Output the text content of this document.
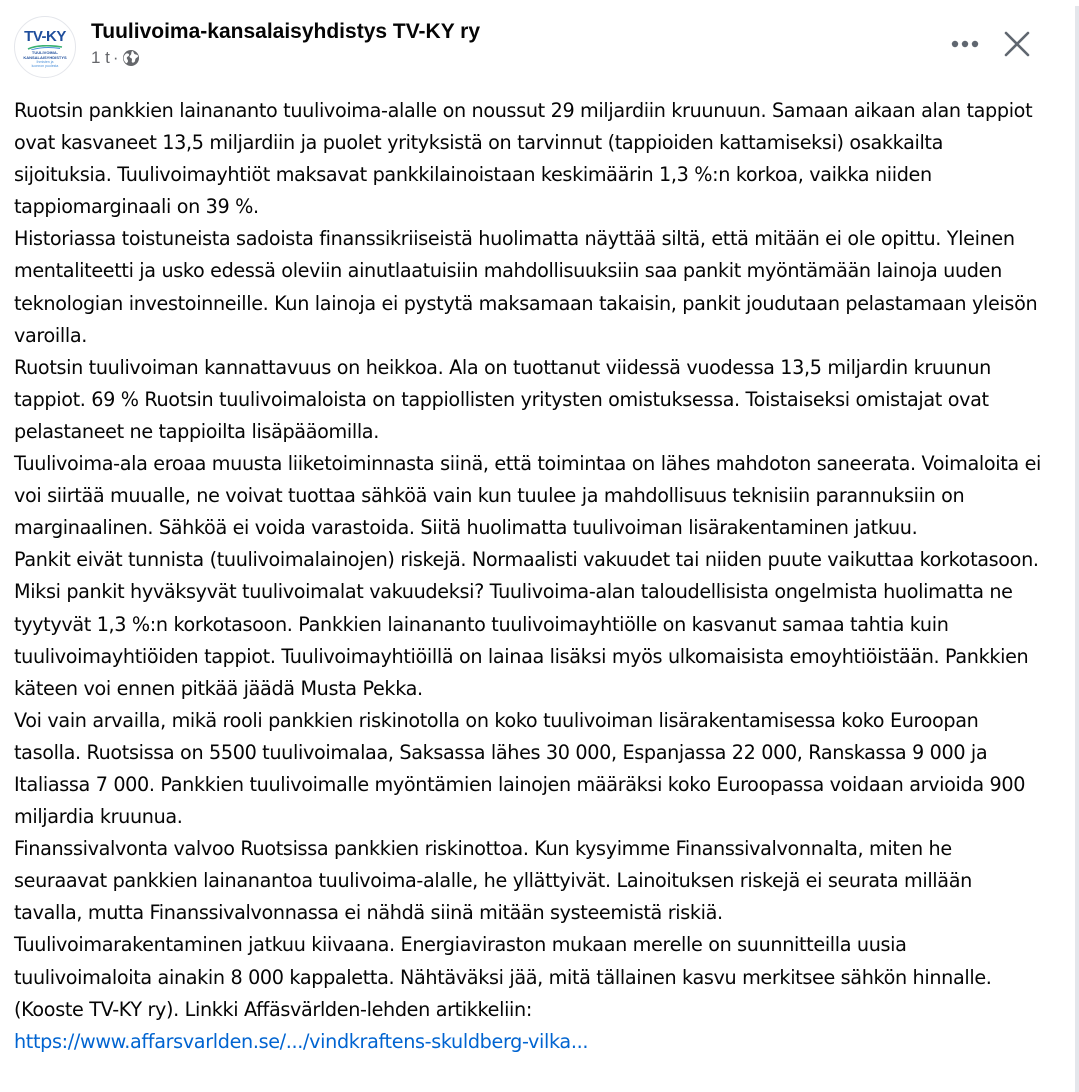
TV-KY
TUULIVOIMA-
KANSALAISYHDISTYS
Ihmisten ja
luonnon puolesta
Tuulivoima-kansalaisyhdistys TV-KY ry
1 t ·

Ruotsin pankkien lainananto tuulivoima-alalle on noussut 29 miljardiin kruunuun. Samaan aikaan alan tappiot ovat kasvaneet 13,5 miljardiin ja puolet yrityksistä on tarvinnut (tappioiden kattamiseksi) osakkailta sijoituksia. Tuulivoimayhtiöt maksavat pankkilainoistaan keskimäärin 1,3 %:n korkoa, vaikka niiden tappiomarginaali on 39 %.

Historiassa toistuneista sadoista finanssikriiseistä huolimatta näyttää siltä, että mitään ei ole opittu. Yleinen mentaliteetti ja usko edessä oleviin ainutlaatuisiin mahdollisuuksiin saa pankit myöntämään lainoja uuden teknologian investoinneille. Kun lainoja ei pystytä maksamaan takaisin, pankit joudutaan pelastamaan yleisön varoilla.

Ruotsin tuulivoiman kannattavuus on heikkoa. Ala on tuottanut viidessä vuodessa 13,5 miljardin kruunun tappiot. 69 % Ruotsin tuulivoimaloista on tappiollisten yritysten omistuksessa. Toistaiseksi omistajat ovat pelastaneet ne tappioilta lisäpääomilla.

Tuulivoima-ala eroaa muusta liiketoiminnasta siinä, että toimintaa on lähes mahdoton saneerata. Voimaloita ei voi siirtää muualle, ne voivat tuottaa sähköä vain kun tuulee ja mahdollisuus teknisiin parannuksiin on marginaalinen. Sähköä ei voida varastoida. Siitä huolimatta tuulivoiman lisärakentaminen jatkuu.

Pankit eivät tunnista (tuulivoimalainojen) riskejä. Normaalisti vakuudet tai niiden puute vaikuttaa korkotasoon. Miksi pankit hyväksyvät tuulivoimalat vakuudeksi? Tuulivoima-alan taloudellisista ongelmista huolimatta ne tyytyvät 1,3 %:n korkotasoon. Pankkien lainananto tuulivoimayhtiölle on kasvanut samaa tahtia kuin tuulivoimayhtiöiden tappiot. Tuulivoimayhtiöillä on lainaa lisäksi myös ulkomaisista emoyhtiöistään. Pankkien käteen voi ennen pitkää jäädä Musta Pekka.

Voi vain arvailla, mikä rooli pankkien riskinotolla on koko tuulivoiman lisärakentamisessa koko Euroopan tasolla. Ruotsissa on 5500 tuulivoimalaa, Saksassa lähes 30 000, Espanjassa 22 000, Ranskassa 9 000 ja Italiassa 7 000. Pankkien tuulivoimalle myöntämien lainojen määräksi koko Euroopassa voidaan arvioida 900 miljardia kruunua.

Finanssivalvonta valvoo Ruotsissa pankkien riskinottoa. Kun kysyimme Finanssivalvonnalta, miten he seuraavat pankkien lainanantoa tuulivoima-alalle, he yllättyivät. Lainoituksen riskejä ei seurata millään tavalla, mutta Finanssivalvonnassa ei nähdä siinä mitään systeemistä riskiä.

Tuulivoimarakentaminen jatkuu kiivaana. Energiaviraston mukaan merelle on suunnitteilla uusia tuulivoimaloita ainakin 8 000 kappaletta. Nähtäväksi jää, mitä tällainen kasvu merkitsee sähkön hinnalle. (Kooste TV-KY ry). Linkki Affäsvärlden-lehden artikkeliin:

https://www.affarsvarlden.se/.../vindkraftens-skuldberg-vilka...
